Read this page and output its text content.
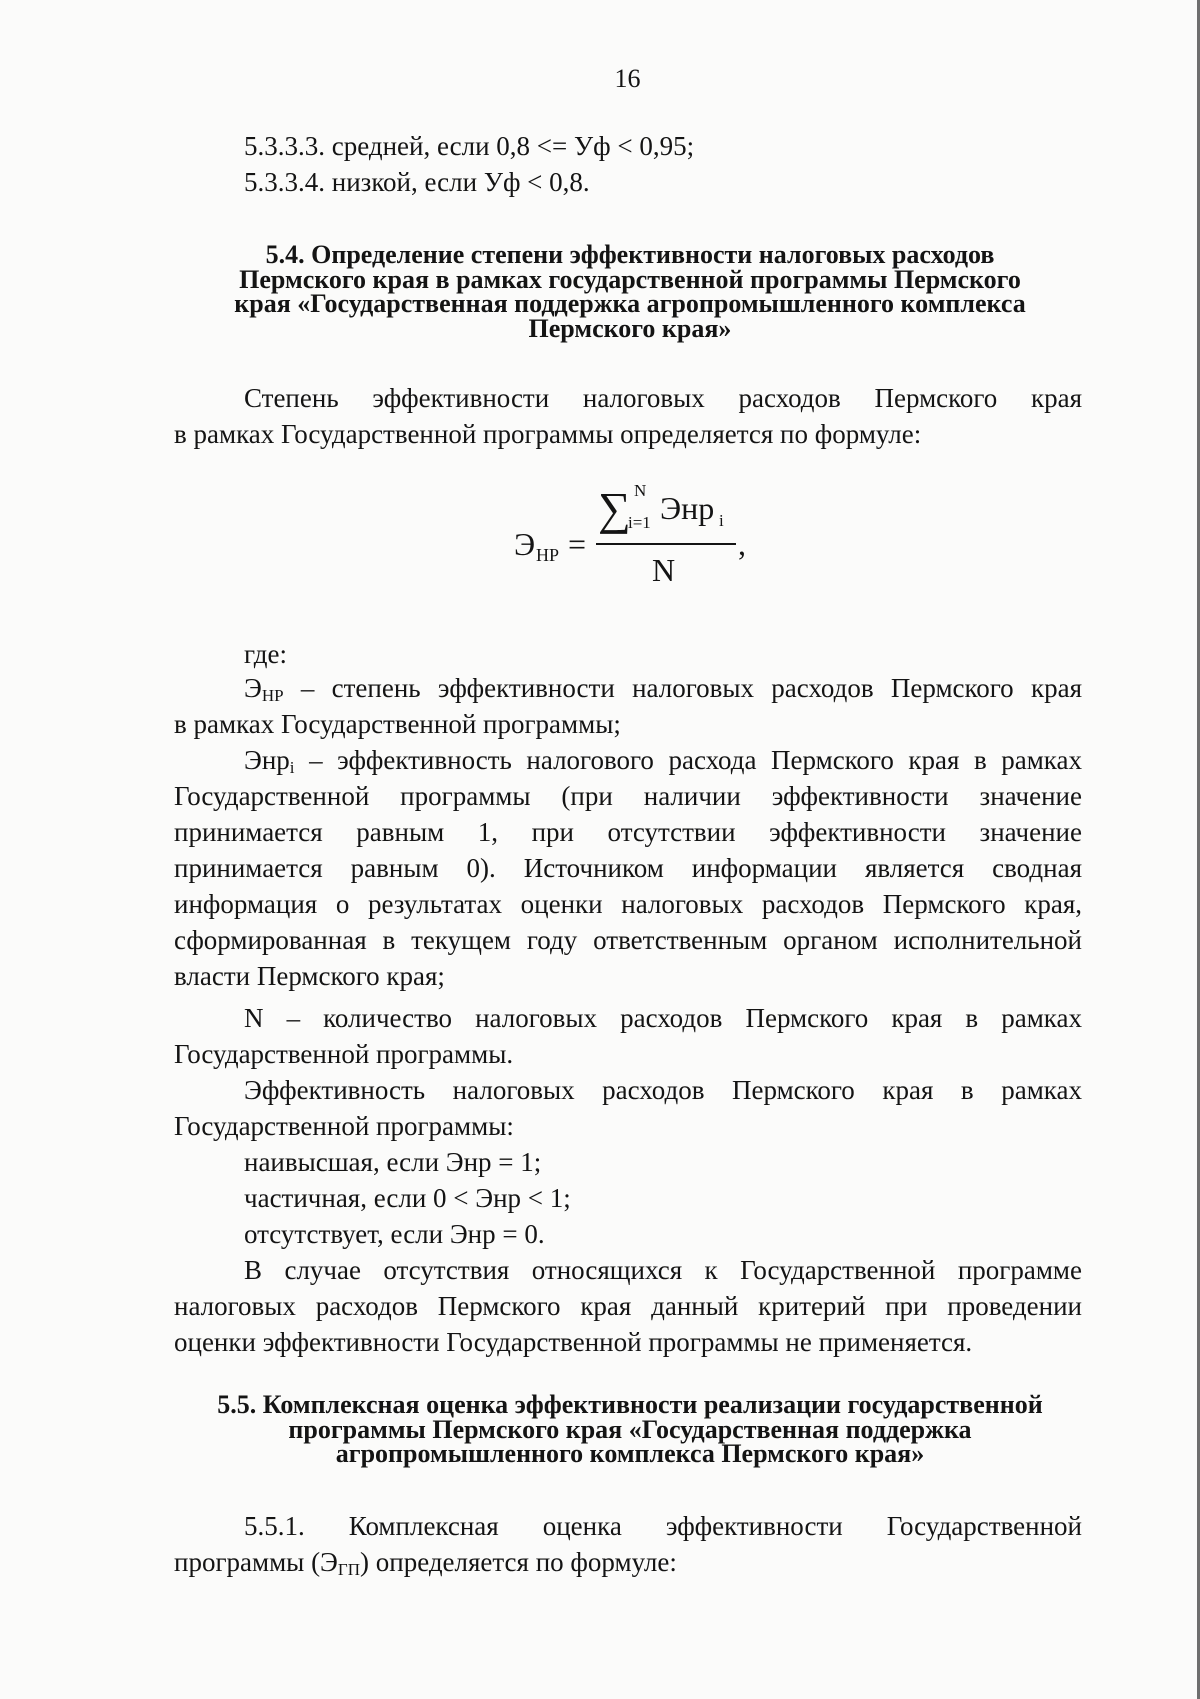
16
5.3.3.3. средней, если 0,8 <= Уф < 0,95;
5.3.3.4. низкой, если Уф < 0,8.
5.4. Определение степени эффективности налоговых расходов
Пермского края в рамках государственной программы Пермского
края «Государственная поддержка агропромышленного комплекса
Пермского края»
Степень эффективности налоговых расходов Пермского края
в рамках Государственной программы определяется по формуле:
Э НР =
∑ N
i=1 Энр i
N
,
где:
$Э_{НР}$ – степень эффективности налоговых расходов Пермского края
в рамках Государственной программы;
Энр$_i$ – эффективность налогового расхода Пермского края в рамках
Государственной программы (при наличии эффективности значение
принимается равным 1, при отсутствии эффективности значение
принимается равным 0). Источником информации является сводная
информация о результатах оценки налоговых расходов Пермского края,
сформированная в текущем году ответственным органом исполнительной
власти Пермского края;
N – количество налоговых расходов Пермского края в рамках
Государственной программы.
Эффективность налоговых расходов Пермского края в рамках
Государственной программы:
наивысшая, если Энр = 1;
частичная, если 0 < Энр < 1;
отсутствует, если Энр = 0.
В случае отсутствия относящихся к Государственной программе
налоговых расходов Пермского края данный критерий при проведении
оценки эффективности Государственной программы не применяется.
5.5. Комплексная оценка эффективности реализации государственной
программы Пермского края «Государственная поддержка
агропромышленного комплекса Пермского края»
5.5.1. Комплексная оценка эффективности Государственной
программы $(Э_{ГП})$ определяется по формуле:
